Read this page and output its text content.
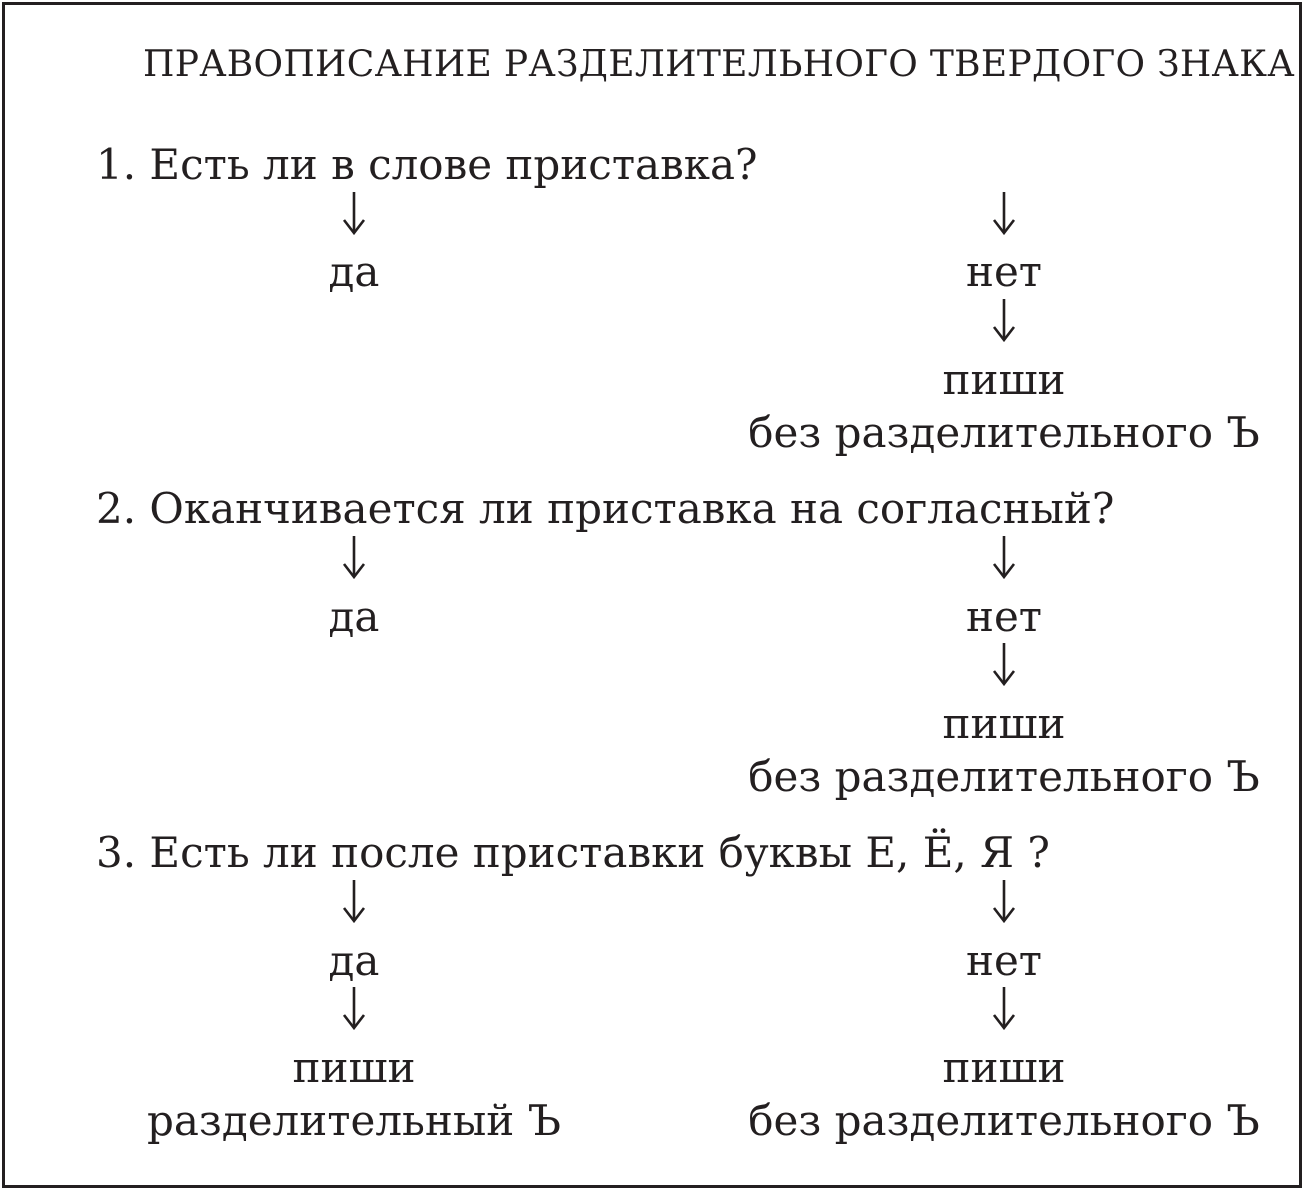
ПРАВОПИСАНИЕ РАЗДЕЛИТЕЛЬНОГО ТВЕРДОГО ЗНАКА
1. Есть ли в слове приставка?
да	нет
пиши
без разделительного Ъ
2. Оканчивается ли приставка на согласный?
да	нет
пиши
без разделительного Ъ
3. Есть ли после приставки буквы Е, Ё, Я ?
да	нет
пиши
разделительный Ъ
пиши
без разделительного Ъ
